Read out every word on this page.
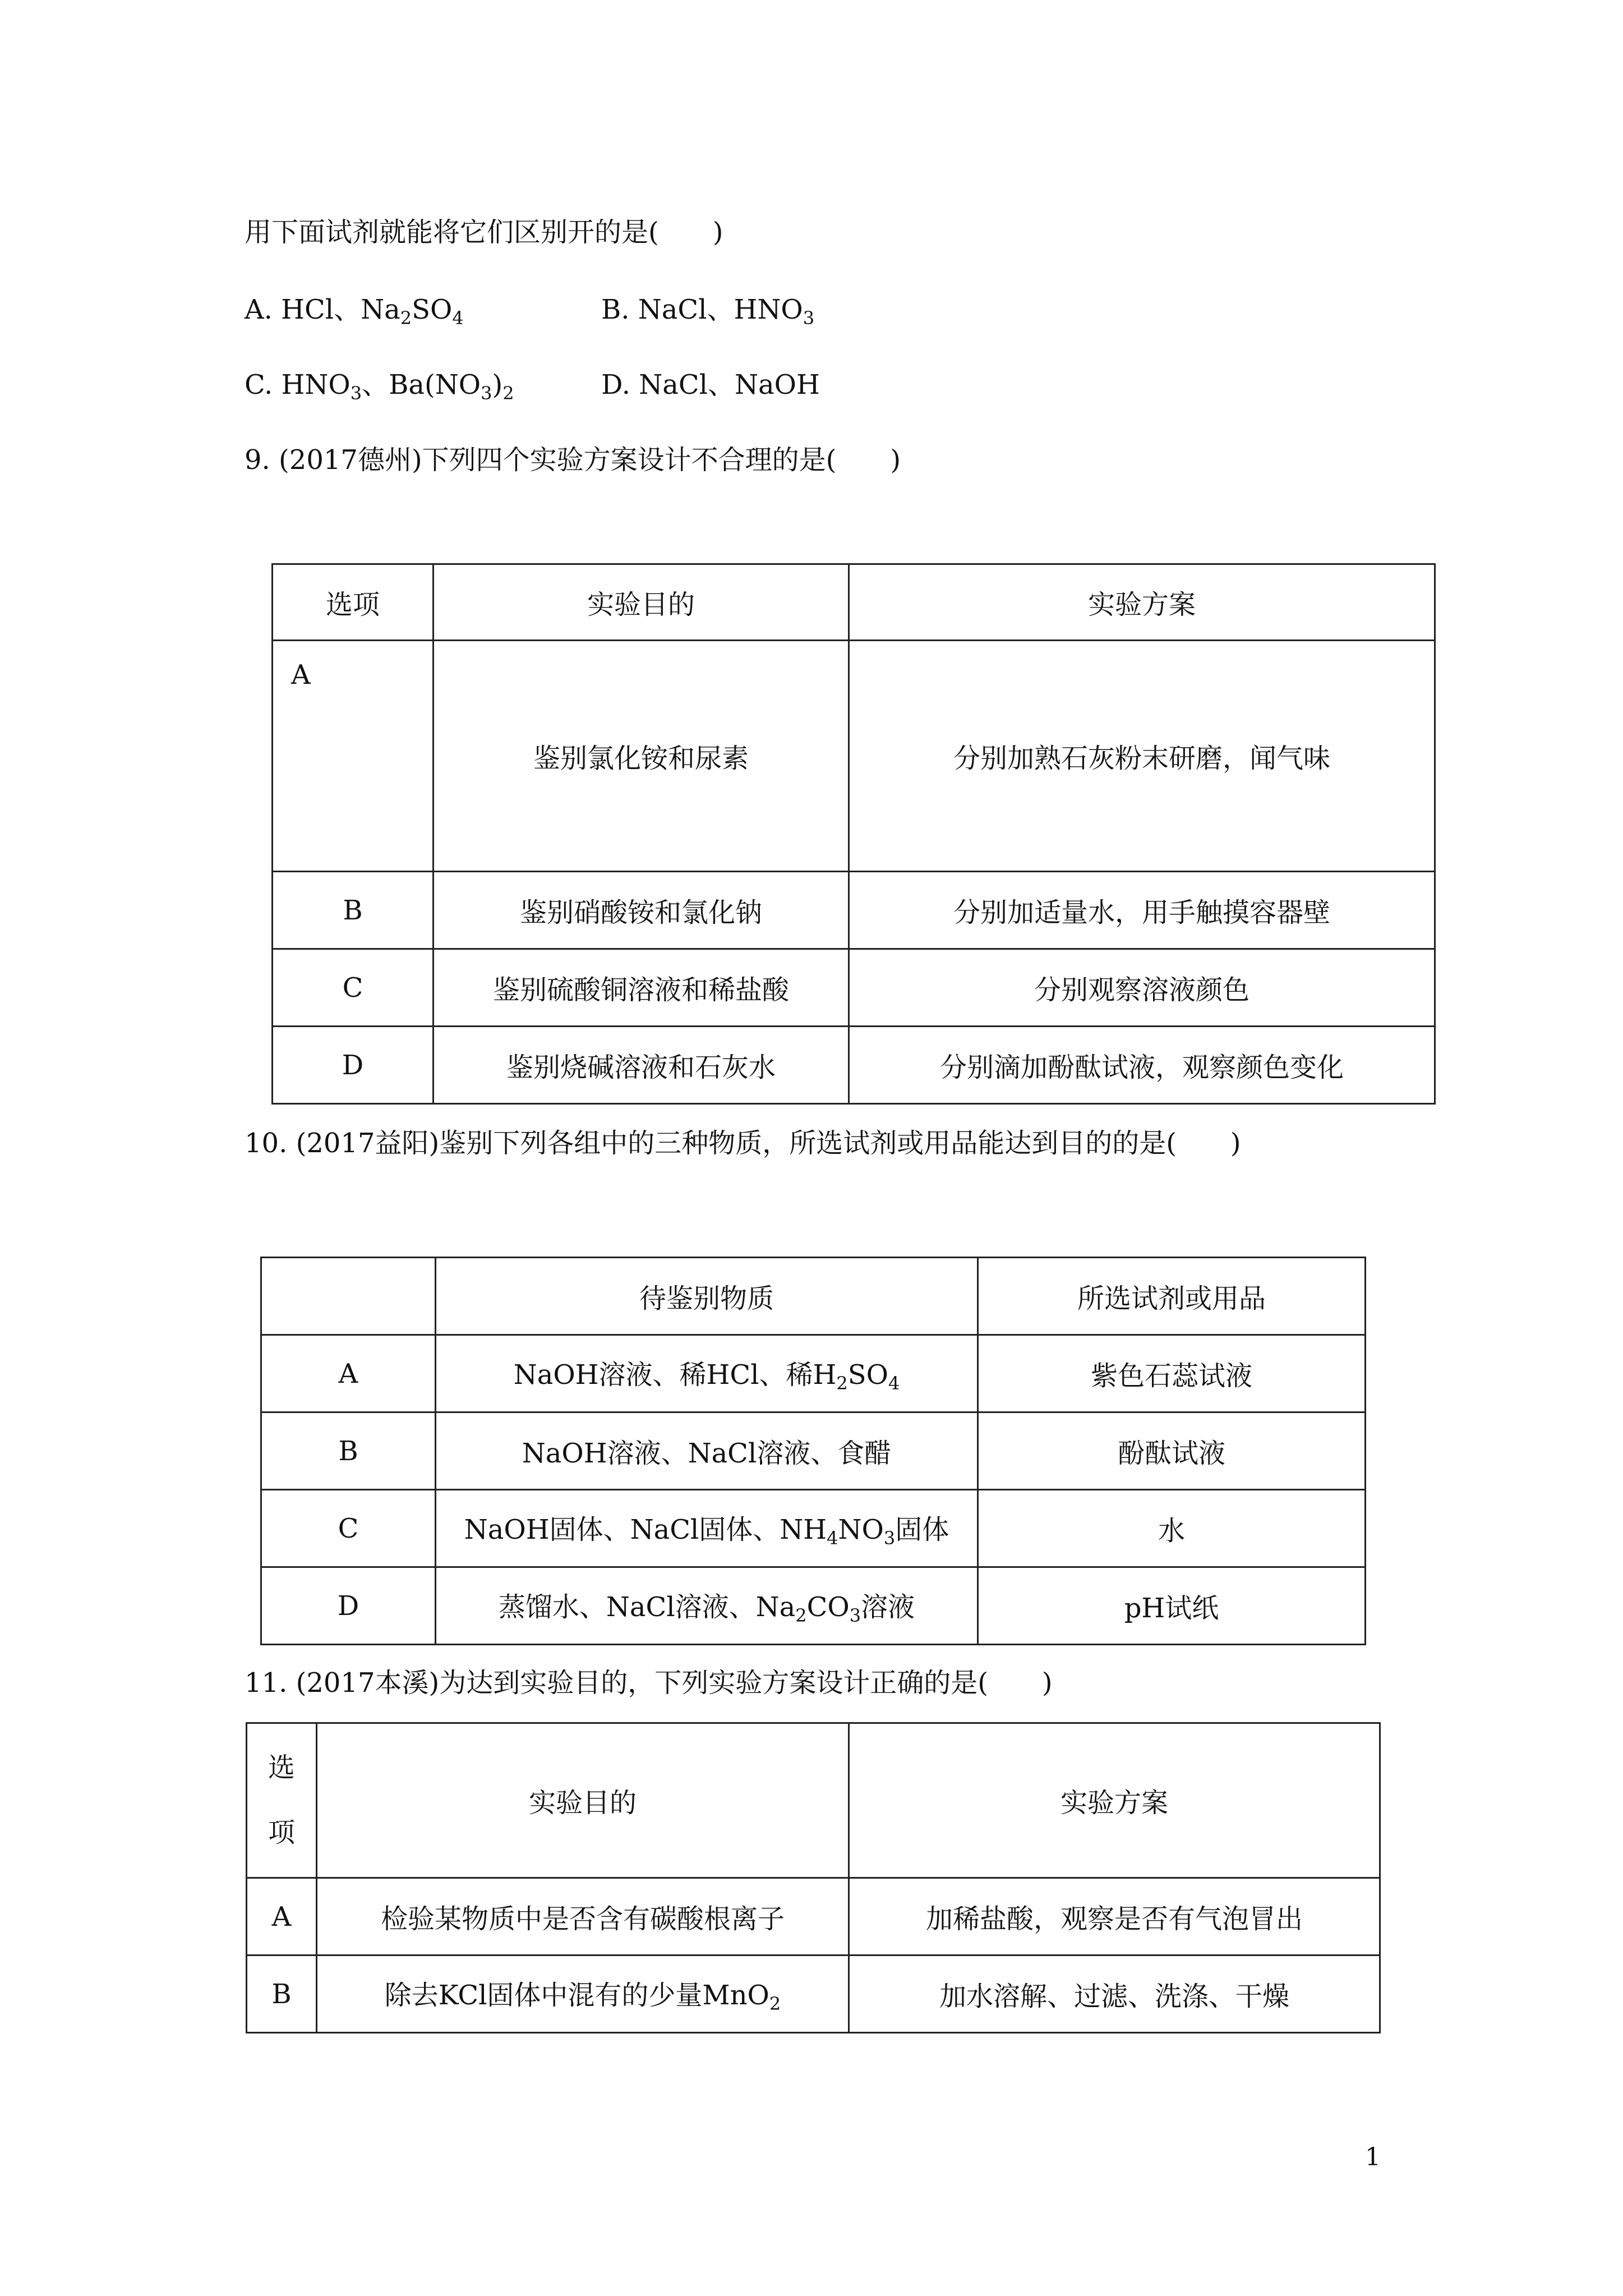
用下面试剂就能将它们区别开的是(　　)
A. HCl、$Na_2SO_4$	B. NaCl、$HNO_3$
C. $HNO_3$、$Ba(NO_3)_2$	D. NaCl、NaOH
9. (2017德州)下列四个实验方案设计不合理的是(　　)
选项	实验目的	实验方案
A	鉴别氯化铵和尿素	分别加熟石灰粉末研磨，闻气味
B	鉴别硝酸铵和氯化钠	分别加适量水，用手触摸容器壁
C	鉴别硫酸铜溶液和稀盐酸	分别观察溶液颜色
D	鉴别烧碱溶液和石灰水	分别滴加酚酞试液，观察颜色变化
10. (2017益阳)鉴别下列各组中的三种物质，所选试剂或用品能达到目的的是(　　)
	待鉴别物质	所选试剂或用品
A	NaOH溶液、稀HCl、稀$H_2SO_4$	紫色石蕊试液
B	NaOH溶液、NaCl溶液、食醋	酚酞试液
C	NaOH固体、NaCl固体、$NH_4NO_3$固体	水
D	蒸馏水、NaCl溶液、$Na_2CO_3$溶液	pH试纸
11. (2017本溪)为达到实验目的，下列实验方案设计正确的是(　　)
选
项	实验目的	实验方案
A	检验某物质中是否含有碳酸根离子	加稀盐酸，观察是否有气泡冒出
B	除去KCl固体中混有的少量MnO$_2$	加水溶解、过滤、洗涤、干燥
1
